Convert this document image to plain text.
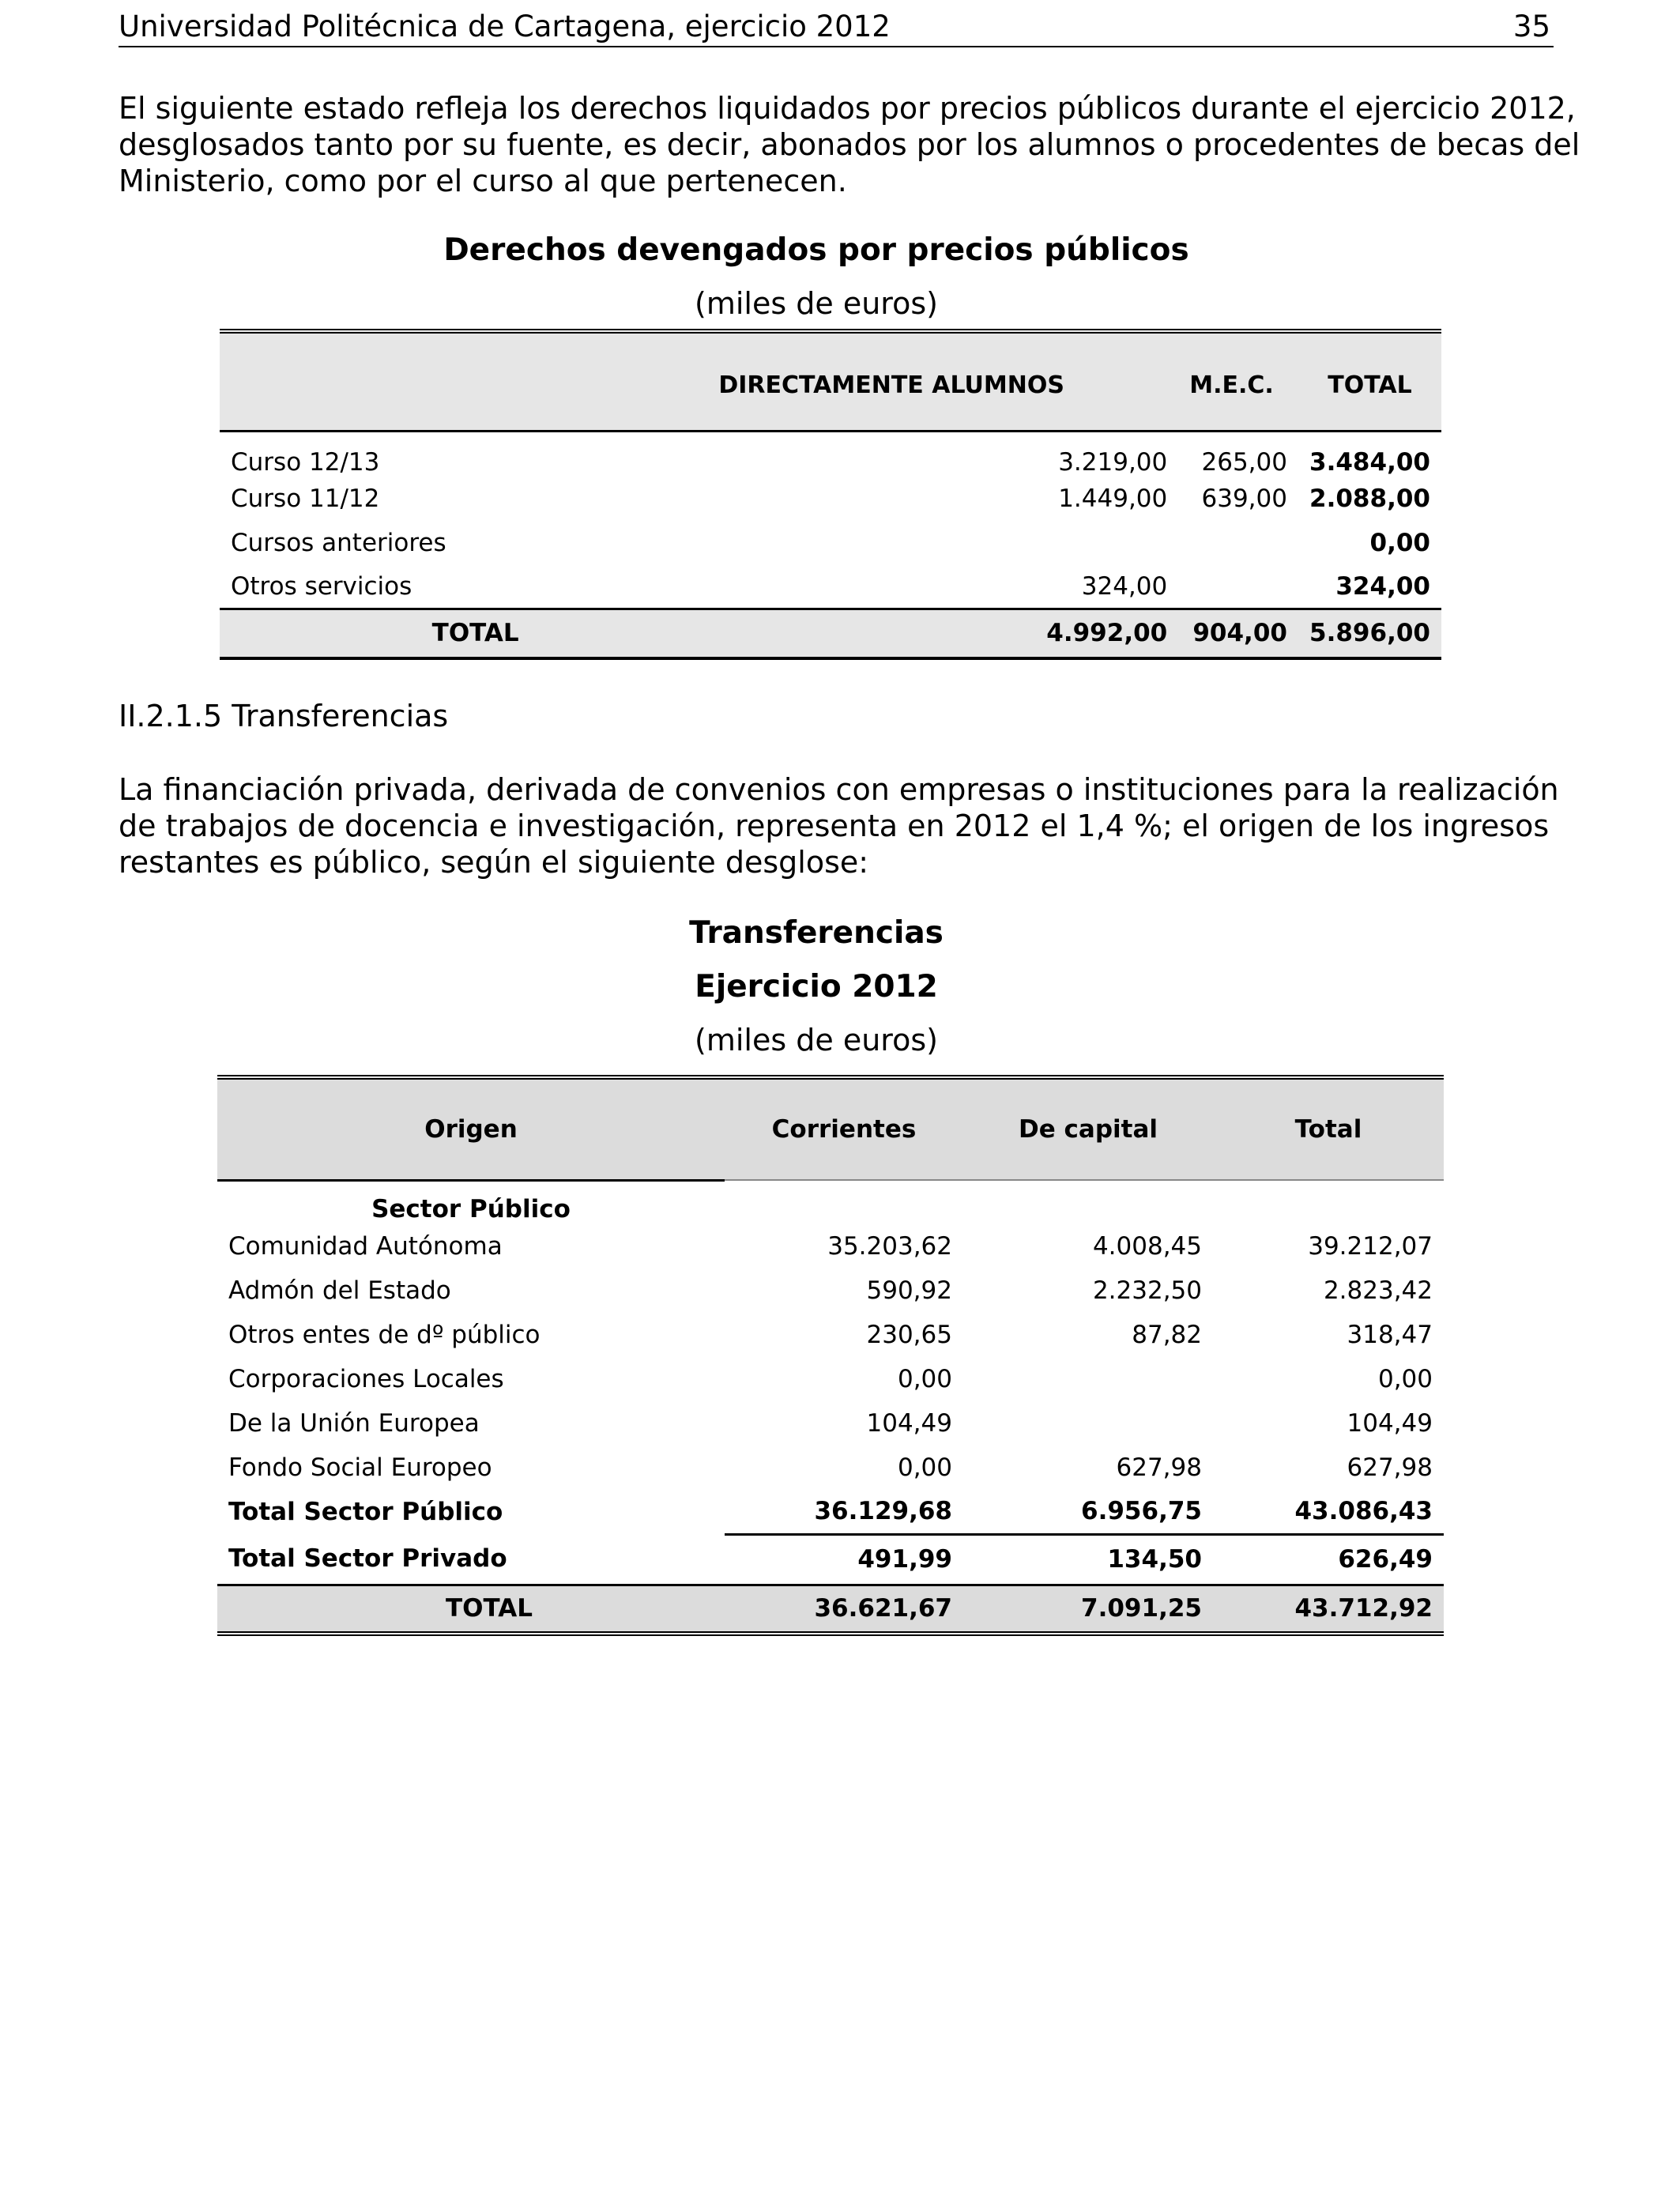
Universidad Politécnica de Cartagena, ejercicio 2012	35
El siguiente estado refleja los derechos liquidados por precios públicos durante el ejercicio 2012,
desglosados tanto por su fuente, es decir, abonados por los alumnos o procedentes de becas del
Ministerio, como por el curso al que pertenecen.
Derechos devengados por precios públicos
(miles de euros)
	DIRECTAMENTE ALUMNOS	M.E.C.	TOTAL
Curso 12/13	3.219,00	265,00	3.484,00
Curso 11/12	1.449,00	639,00	2.088,00
Cursos anteriores			0,00
Otros servicios	324,00		324,00
TOTAL	4.992,00	904,00	5.896,00
II.2.1.5 Transferencias
La financiación privada, derivada de convenios con empresas o instituciones para la realización
de trabajos de docencia e investigación, representa en 2012 el 1,4 %; el origen de los ingresos
restantes es público, según el siguiente desglose:
Transferencias
Ejercicio 2012
(miles de euros)
Origen	Corrientes	De capital	Total
Sector Público			
Comunidad Autónoma	35.203,62	4.008,45	39.212,07
Admón del Estado	590,92	2.232,50	2.823,42
Otros entes de dº público	230,65	87,82	318,47
Corporaciones Locales	0,00		0,00
De la Unión Europea	104,49		104,49
Fondo Social Europeo	0,00	627,98	627,98
Total Sector Público	36.129,68	6.956,75	43.086,43
Total Sector Privado	491,99	134,50	626,49
TOTAL	36.621,67	7.091,25	43.712,92
